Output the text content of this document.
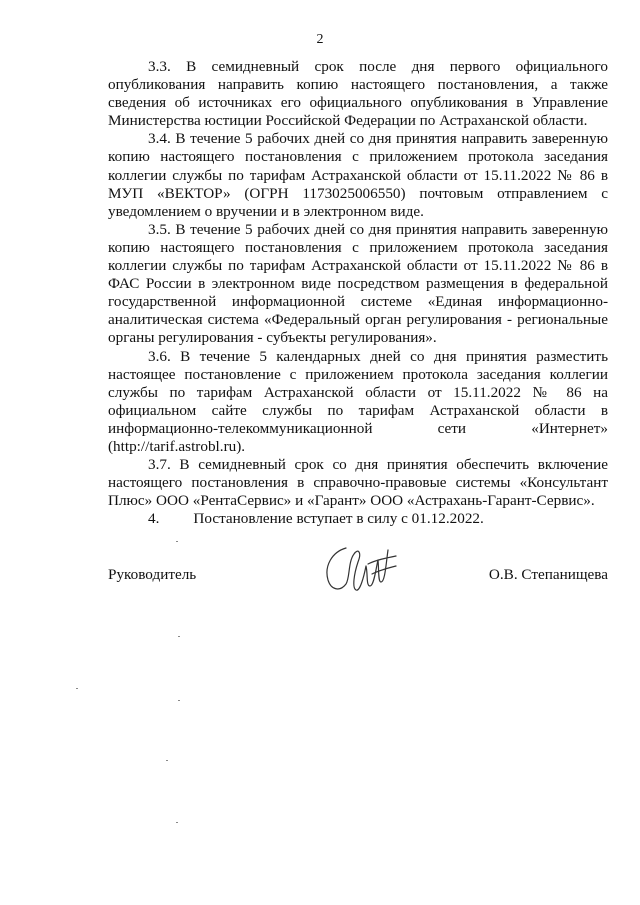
2

3.3. В семидневный срок после дня первого официального опубликования направить копию настоящего постановления, а также сведения об источниках его официального опубликования в Управление Министерства юстиции Российской Федерации по Астраханской области.

3.4. В течение 5 рабочих дней со дня принятия направить заверенную копию настоящего постановления с приложением протокола заседания коллегии службы по тарифам Астраханской области от 15.11.2022 № 86 в МУП «ВЕКТОР» (ОГРН 1173025006550) почтовым отправлением с уведомлением о вручении и в электронном виде.

3.5. В течение 5 рабочих дней со дня принятия направить заверенную копию настоящего постановления с приложением протокола заседания коллегии службы по тарифам Астраханской области от 15.11.2022 № 86 в ФАС России в электронном виде посредством размещения в федеральной государственной информационной системе «Единая информационно-аналитическая система «Федеральный орган регулирования - региональные органы регулирования - субъекты регулирования».

3.6. В течение 5 календарных дней со дня принятия разместить настоящее постановление с приложением протокола заседания коллегии службы по тарифам Астраханской области от 15.11.2022 № 86 на официальном сайте службы по тарифам Астраханской области в информационно-телекоммуникационной сети «Интернет» (http://tarif.astrobl.ru).

3.7. В семидневный срок со дня принятия обеспечить включение настоящего постановления в справочно-правовые системы «Консультант Плюс» ООО «РентаСервис» и «Гарант» ООО «Астрахань-Гарант-Сервис».

4. Постановление вступает в силу с 01.12.2022.

Руководитель	О.В. Степанищева
